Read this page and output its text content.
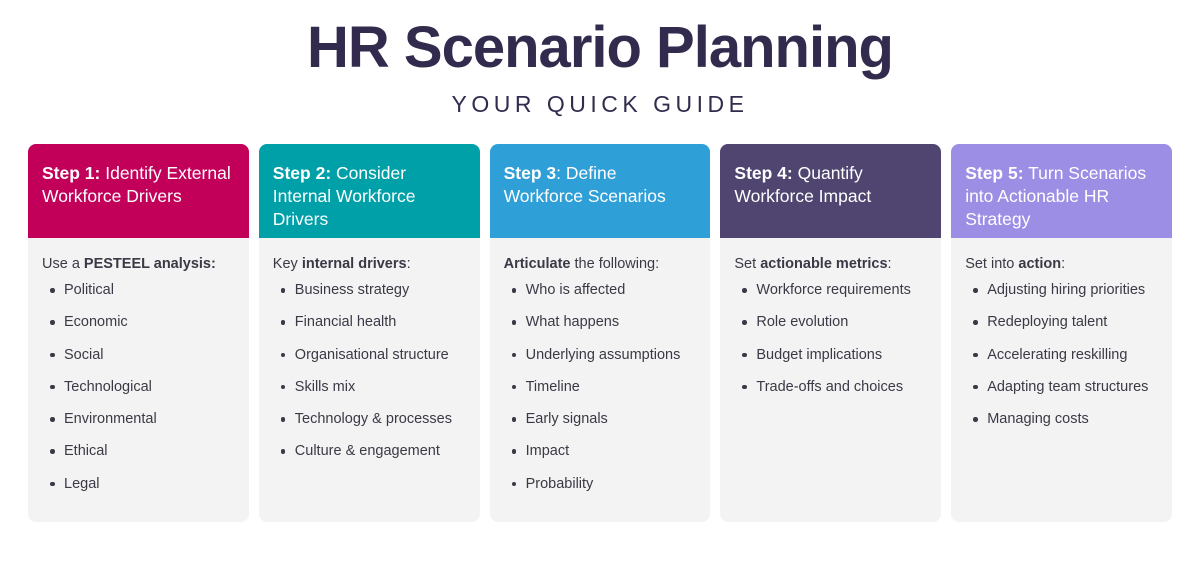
HR Scenario Planning
YOUR QUICK GUIDE
Step 1: Identify External Workforce Drivers

Use a PESTEEL analysis:

Political
Economic
Social
Technological
Environmental
Ethical
Legal
Step 2: Consider Internal Workforce Drivers

Key internal drivers:

Business strategy
Financial health
Organisational structure
Skills mix
Technology & processes
Culture & engagement
Step 3: Define Workforce Scenarios

Articulate the following:

Who is affected
What happens
Underlying assumptions
Timeline
Early signals
Impact
Probability
Step 4: Quantify Workforce Impact

Set actionable metrics:

Workforce requirements
Role evolution
Budget implications
Trade-offs and choices
Step 5: Turn Scenarios into Actionable HR Strategy

Set into action:

Adjusting hiring priorities
Redeploying talent
Accelerating reskilling
Adapting team structures
Managing costs
